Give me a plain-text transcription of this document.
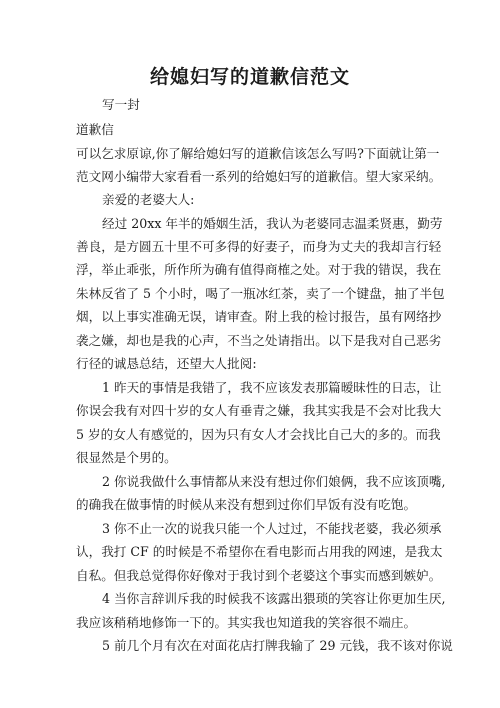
给媳妇写的道歉信范文
写一封
道歉信
可以乞求原谅,你了解给媳妇写的道歉信该怎么写吗?下面就让第一
范文网小编带大家看看一系列的给媳妇写的道歉信。望大家采纳。
亲爱的老婆大人:
经过 20xx 年半的婚姻生活，我认为老婆同志温柔贤惠，勤劳
善良，是方圆五十里不可多得的好妻子，而身为丈夫的我却言行轻
浮，举止乖张，所作所为确有值得商榷之处。对于我的错误，我在
朱林反省了 5 个小时，喝了一瓶冰红茶，卖了一个键盘，抽了半包
烟，以上事实准确无误，请审查。附上我的检讨报告，虽有网络抄
袭之嫌，却也是我的心声，不当之处请指出。以下是我对自己恶劣
行径的诚恳总结，还望大人批阅:
1 昨天的事情是我错了，我不应该发表那篇暧昧性的日志，让
你误会我有对四十岁的女人有垂青之嫌，我其实我是不会对比我大
5 岁的女人有感觉的，因为只有女人才会找比自己大的多的。而我
很显然是个男的。
2 你说我做什么事情都从来没有想过你们娘俩，我不应该顶嘴,
的确我在做事情的时候从来没有想到过你们早饭有没有吃饱。
3 你不止一次的说我只能一个人过过，不能找老婆，我必须承
认，我打 CF 的时候是不希望你在看电影而占用我的网速，是我太
自私。但我总觉得你好像对于我讨到个老婆这个事实而感到嫉妒。
4 当你言辞训斥我的时候我不该露出猥琐的笑容让你更加生厌,
我应该稍稍地修饰一下的。其实我也知道我的笑容很不端庄。
5 前几个月有次在对面花店打牌我输了 29 元钱，我不该对你说
